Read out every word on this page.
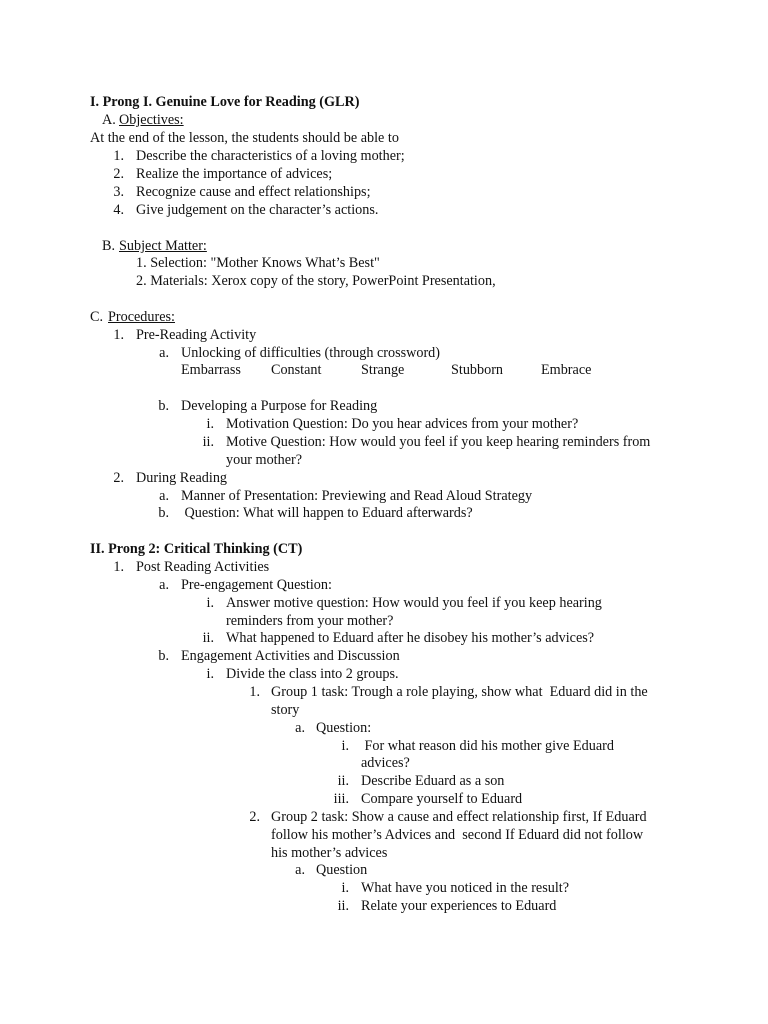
I. Prong I. Genuine Love for Reading (GLR)
A. Objectives:
At the end of the lesson, the students should be able to
1. Describe the characteristics of a loving mother;
2. Realize the importance of advices;
3. Recognize cause and effect relationships;
4. Give judgement on the character’s actions.
B. Subject Matter:
1. Selection: "Mother Knows What’s Best"
2. Materials: Xerox copy of the story, PowerPoint Presentation,
C. Procedures:
1. Pre-Reading Activity
a. Unlocking of difficulties (through crossword)
Embarrass Constant	Strange	Stubborn	Embrace
b. Developing a Purpose for Reading
i. Motivation Question: Do you hear advices from your mother?
ii. Motive Question: How would you feel if you keep hearing reminders from
your mother?
2. During Reading
a. Manner of Presentation: Previewing and Read Aloud Strategy
b. Question: What will happen to Eduard afterwards?
II. Prong 2: Critical Thinking (CT)
1. Post Reading Activities
a. Pre-engagement Question:
i. Answer motive question: How would you feel if you keep hearing
reminders from your mother?
ii. What happened to Eduard after he disobey his mother’s advices?
b. Engagement Activities and Discussion
i. Divide the class into 2 groups.
1. Group 1 task: Trough a role playing, show what  Eduard did in the
story
a. Question:
i. For what reason did his mother give Eduard
advices?
ii. Describe Eduard as a son
iii. Compare yourself to Eduard
2. Group 2 task: Show a cause and effect relationship first, If Eduard
follow his mother’s Advices and  second If Eduard did not follow
his mother’s advices
a. Question
i. What have you noticed in the result?
ii. Relate your experiences to Eduard
